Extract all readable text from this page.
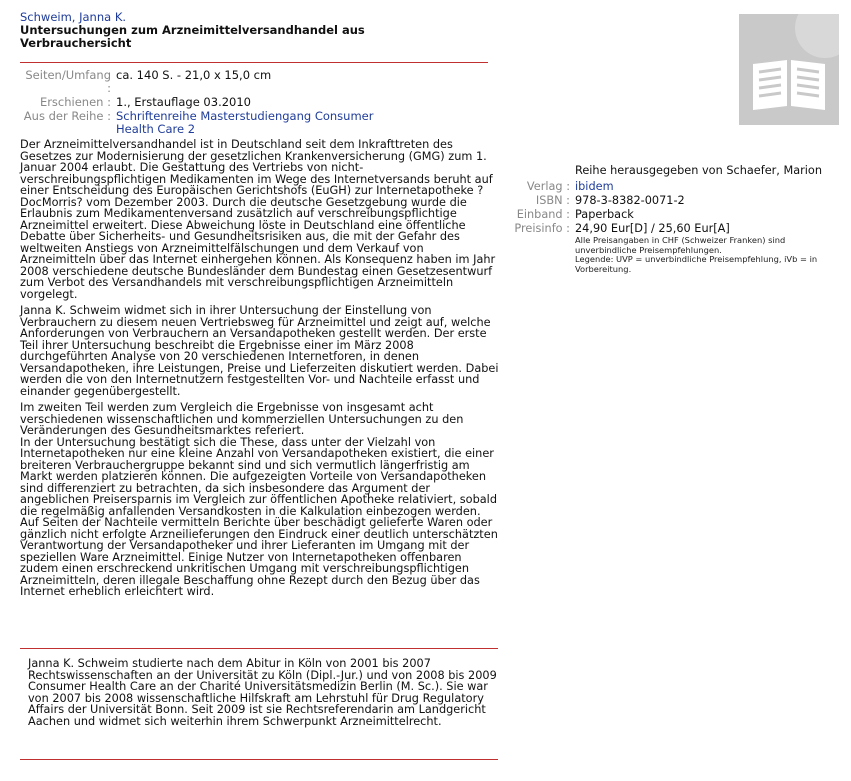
Schweim, Janna K.
Untersuchungen zum Arzneimittelversandhandel aus Verbrauchersicht
Seiten/Umfang :	ca. 140 S. - 21,0 x 15,0 cm
Erschienen :	1., Erstauflage 03.2010
Aus der Reihe :	Schriftenreihe Masterstudiengang Consumer
Health Care 2

Der Arzneimittelversandhandel ist in Deutschland seit dem Inkrafttreten des Gesetzes zur Modernisierung der gesetzlichen Krankenversicherung (GMG) zum 1. Januar 2004 erlaubt. Die Gestattung des Vertriebs von nicht-verschreibungspflichtigen Medikamenten im Wege des Internetversands beruht auf einer Entscheidung des Europäischen Gerichtshofs (EuGH) zur Internetapotheke ?DocMorris? vom Dezember 2003. Durch die deutsche Gesetzgebung wurde die Erlaubnis zum Medikamentenversand zusätzlich auf verschreibungspflichtige Arzneimittel erweitert. Diese Abweichung löste in Deutschland eine öffentliche Debatte über Sicherheits- und Gesundheitsrisiken aus, die mit der Gefahr des weltweiten Anstiegs von Arzneimittelfälschungen und dem Verkauf von Arzneimitteln über das Internet einhergehen können. Als Konsequenz haben im Jahr 2008 verschiedene deutsche Bundesländer dem Bundestag einen Gesetzesentwurf zum Verbot des Versandhandels mit verschreibungspflichtigen Arzneimitteln vorgelegt.

Janna K. Schweim widmet sich in ihrer Untersuchung der Einstellung von Verbrauchern zu diesem neuen Vertriebsweg für Arzneimittel und zeigt auf, welche Anforderungen von Verbrauchern an Versandapotheken gestellt werden. Der erste Teil ihrer Untersuchung beschreibt die Ergebnisse einer im März 2008 durchgeführten Analyse von 20 verschiedenen Internetforen, in denen Versandapotheken, ihre Leistungen, Preise und Lieferzeiten diskutiert werden. Dabei werden die von den Internetnutzern festgestellten Vor- und Nachteile erfasst und einander gegenübergestellt.

Im zweiten Teil werden zum Vergleich die Ergebnisse von insgesamt acht verschiedenen wissenschaftlichen und kommerziellen Untersuchungen zu den Veränderungen des Gesundheitsmarktes referiert.

In der Untersuchung bestätigt sich die These, dass unter der Vielzahl von Internetapotheken nur eine kleine Anzahl von Versandapotheken existiert, die einer breiteren Verbrauchergruppe bekannt sind und sich vermutlich längerfristig am Markt werden platzieren können. Die aufgezeigten Vorteile von Versandapotheken sind differenziert zu betrachten, da sich insbesondere das Argument der angeblichen Preisersparnis im Vergleich zur öffentlichen Apotheke relativiert, sobald die regelmäßig anfallenden Versandkosten in die Kalkulation einbezogen werden. Auf Seiten der Nachteile vermitteln Berichte über beschädigt gelieferte Waren oder gänzlich nicht erfolgte Arzneilieferungen den Eindruck einer deutlich unterschätzten Verantwortung der Versandapotheker und ihrer Lieferanten im Umgang mit der speziellen Ware Arzneimittel. Einige Nutzer von Internetapotheken offenbaren zudem einen erschreckend unkritischen Umgang mit verschreibungspflichtigen Arzneimitteln, deren illegale Beschaffung ohne Rezept durch den Bezug über das Internet erheblich erleichtert wird.

Janna K. Schweim studierte nach dem Abitur in Köln von 2001 bis 2007 Rechtswissenschaften an der Universität zu Köln (Dipl.-Jur.) und von 2008 bis 2009 Consumer Health Care an der Charité Universitätsmedizin Berlin (M. Sc.). Sie war von 2007 bis 2008 wissenschaftliche Hilfskraft am Lehrstuhl für Drug Regulatory Affairs der Universität Bonn. Seit 2009 ist sie Rechtsreferendarin am Landgericht Aachen und widmet sich weiterhin ihrem Schwerpunkt Arzneimittelrecht.
Reihe herausgegeben von Schaefer, Marion
Verlag :	ibidem
ISBN :	978-3-8382-0071-2
Einband :	Paperback
Preisinfo :	24,90 Eur[D] / 25,60 Eur[A]
Alle Preisangaben in CHF (Schweizer Franken) sind unverbindliche Preisempfehlungen.
Legende: UVP = unverbindliche Preisempfehlung, iVb = in Vorbereitung.
